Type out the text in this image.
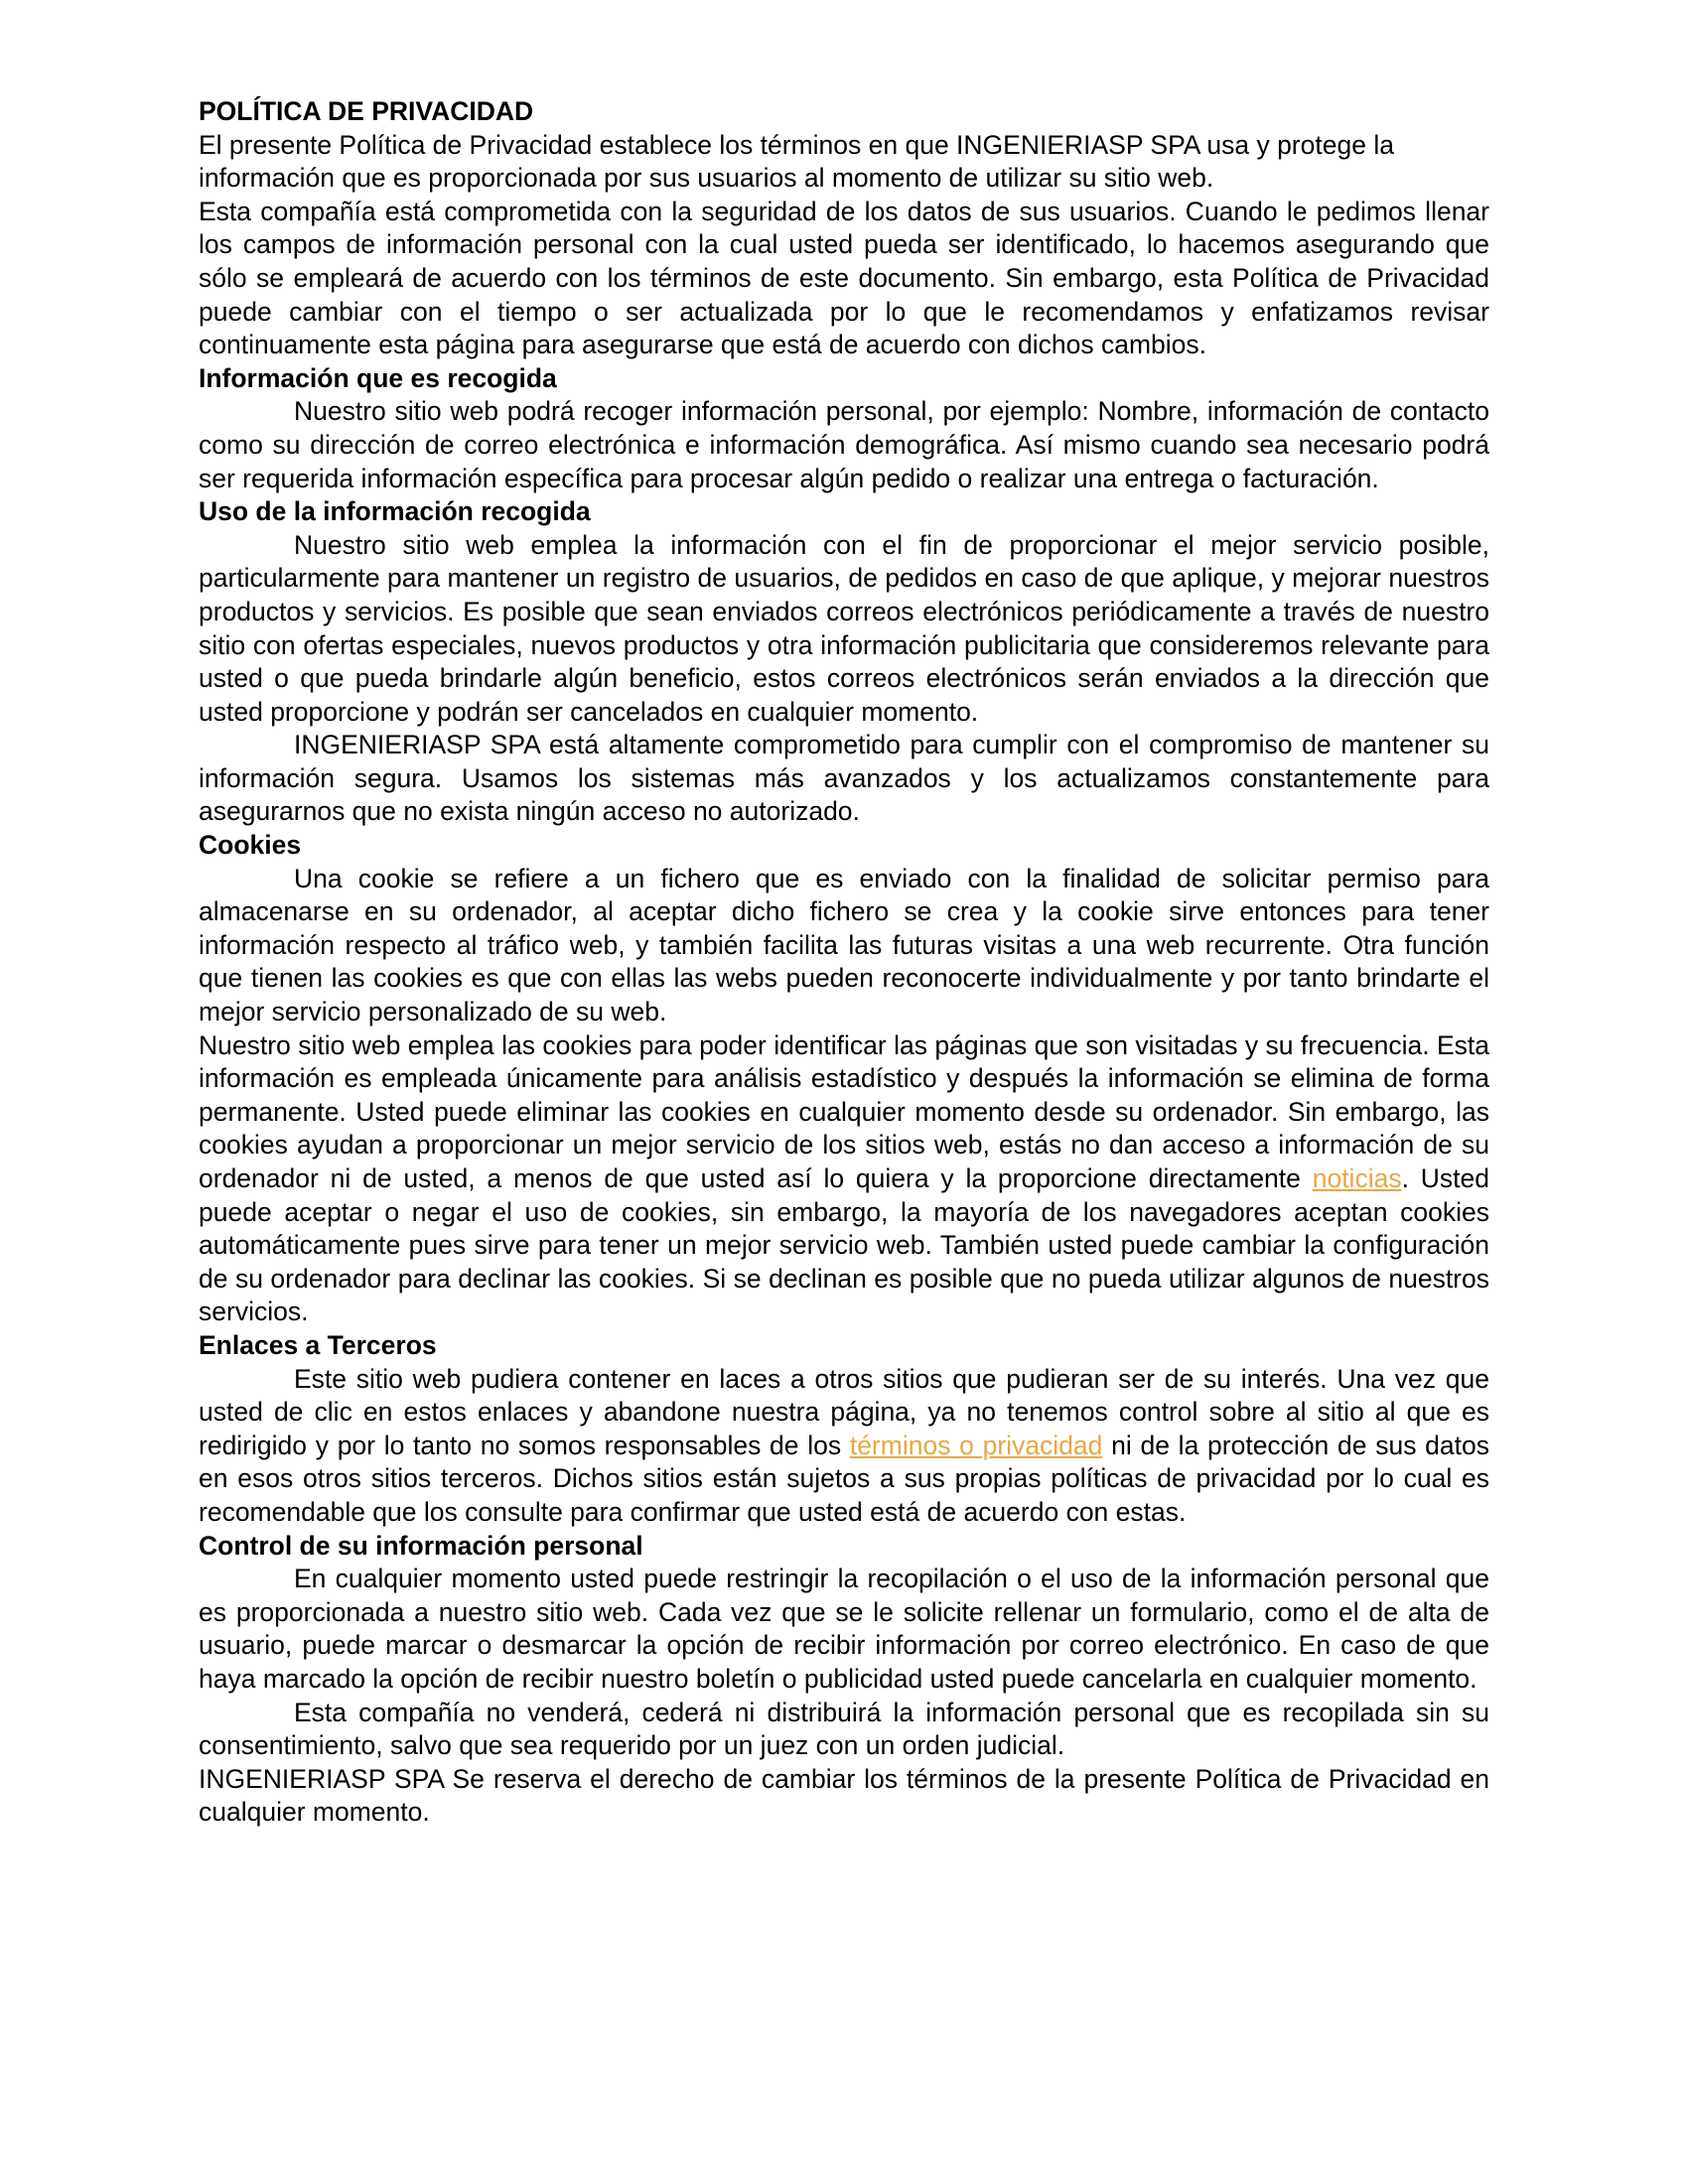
POLÍTICA DE PRIVACIDAD

El presente Política de Privacidad establece los términos en que INGENIERIASP SPA usa y protege la información que es proporcionada por sus usuarios al momento de utilizar su sitio web.

Esta compañía está comprometida con la seguridad de los datos de sus usuarios. Cuando le pedimos llenar los campos de información personal con la cual usted pueda ser identificado, lo hacemos asegurando que sólo se empleará de acuerdo con los términos de este documento. Sin embargo, esta Política de Privacidad puede cambiar con el tiempo o ser actualizada por lo que le recomendamos y enfatizamos revisar continuamente esta página para asegurarse que está de acuerdo con dichos cambios.

Información que es recogida

Nuestro sitio web podrá recoger información personal, por ejemplo: Nombre, información de contacto como su dirección de correo electrónica e información demográfica. Así mismo cuando sea necesario podrá ser requerida información específica para procesar algún pedido o realizar una entrega o facturación.

Uso de la información recogida

Nuestro sitio web emplea la información con el fin de proporcionar el mejor servicio posible, particularmente para mantener un registro de usuarios, de pedidos en caso de que aplique, y mejorar nuestros productos y servicios. Es posible que sean enviados correos electrónicos periódicamente a través de nuestro sitio con ofertas especiales, nuevos productos y otra información publicitaria que consideremos relevante para usted o que pueda brindarle algún beneficio, estos correos electrónicos serán enviados a la dirección que usted proporcione y podrán ser cancelados en cualquier momento.

INGENIERIASP SPA está altamente comprometido para cumplir con el compromiso de mantener su información segura. Usamos los sistemas más avanzados y los actualizamos constantemente para asegurarnos que no exista ningún acceso no autorizado.

Cookies

Una cookie se refiere a un fichero que es enviado con la finalidad de solicitar permiso para almacenarse en su ordenador, al aceptar dicho fichero se crea y la cookie sirve entonces para tener información respecto al tráfico web, y también facilita las futuras visitas a una web recurrente. Otra función que tienen las cookies es que con ellas las webs pueden reconocerte individualmente y por tanto brindarte el mejor servicio personalizado de su web.

Nuestro sitio web emplea las cookies para poder identificar las páginas que son visitadas y su frecuencia. Esta información es empleada únicamente para análisis estadístico y después la información se elimina de forma permanente. Usted puede eliminar las cookies en cualquier momento desde su ordenador. Sin embargo, las cookies ayudan a proporcionar un mejor servicio de los sitios web, estás no dan acceso a información de su ordenador ni de usted, a menos de que usted así lo quiera y la proporcione directamente noticias. Usted puede aceptar o negar el uso de cookies, sin embargo, la mayoría de los navegadores aceptan cookies automáticamente pues sirve para tener un mejor servicio web. También usted puede cambiar la configuración de su ordenador para declinar las cookies. Si se declinan es posible que no pueda utilizar algunos de nuestros servicios.

Enlaces a Terceros

Este sitio web pudiera contener en laces a otros sitios que pudieran ser de su interés. Una vez que usted de clic en estos enlaces y abandone nuestra página, ya no tenemos control sobre al sitio al que es redirigido y por lo tanto no somos responsables de los términos o privacidad ni de la protección de sus datos en esos otros sitios terceros. Dichos sitios están sujetos a sus propias políticas de privacidad por lo cual es recomendable que los consulte para confirmar que usted está de acuerdo con estas.

Control de su información personal

En cualquier momento usted puede restringir la recopilación o el uso de la información personal que es proporcionada a nuestro sitio web. Cada vez que se le solicite rellenar un formulario, como el de alta de usuario, puede marcar o desmarcar la opción de recibir información por correo electrónico. En caso de que haya marcado la opción de recibir nuestro boletín o publicidad usted puede cancelarla en cualquier momento.

Esta compañía no venderá, cederá ni distribuirá la información personal que es recopilada sin su consentimiento, salvo que sea requerido por un juez con un orden judicial.

INGENIERIASP SPA Se reserva el derecho de cambiar los términos de la presente Política de Privacidad en cualquier momento.
